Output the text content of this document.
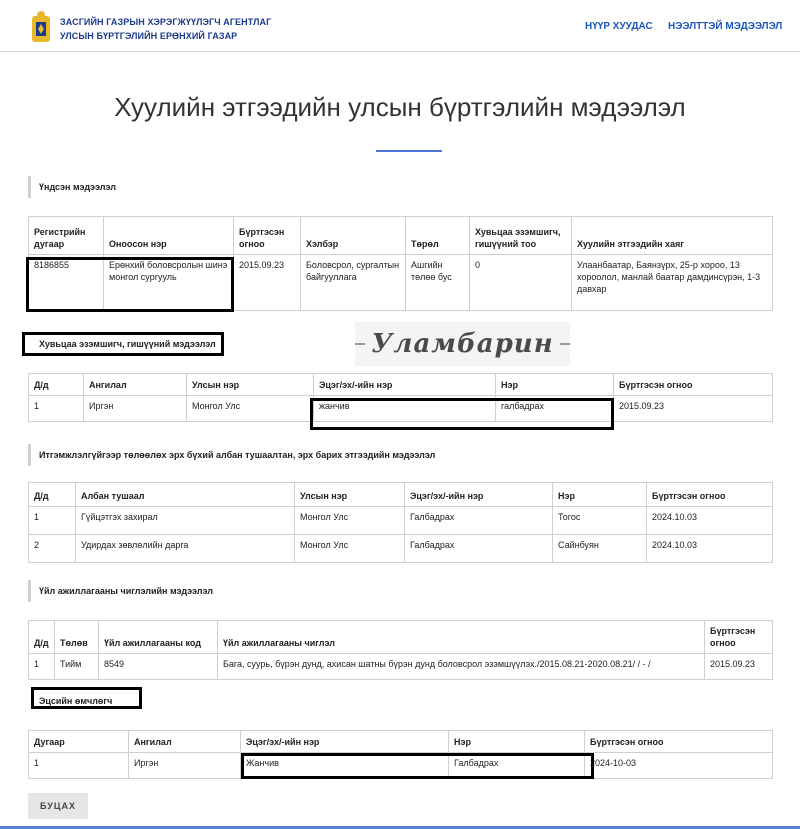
ЗАСГИЙН ГАЗРЫН ХЭРЭГЖҮҮЛЭГЧ АГЕНТЛАГ
УЛСЫН БҮРТГЭЛИЙН ЕРӨНХИЙ ГАЗАР
НҮҮР ХУУДАС НЭЭЛТТЭЙ МЭДЭЭЛЭЛ
Хуулийн этгээдийн улсын бүртгэлийн мэдээлэл
Үндсэн мэдээлэл
Регистрийн дугаар	Оноосон нэр	Бүртгэсэн огноо	Хэлбэр	Төрөл	Хувьцаа эзэмшигч, гишүүний тоо	Хуулийн этгээдийн хаяг
8186855	Ерөнхий боловсролын шинэ монгол сургууль	2015.09.23	Боловсрол, сургалтын байгууллага	Ашгийн төлөө бус	0	Улаанбаатар, Баянзүрх, 25-р хороо, 13 хороолол, манлай баатар дамдинсүрэн, 1-3 давхар
Хувьцаа эзэмшигч, гишүүний мэдээлэл	Уламбарин
Д/д	Ангилал	Улсын нэр	Эцэг/эх/-ийн нэр	Нэр	Бүртгэсэн огноо
1	Иргэн	Монгол Улс	жанчив	галбадрах	2015.09.23
Итгэмжлэлгүйгээр төлөөлөх эрх бүхий албан тушаалтан, эрх барих этгээдийн мэдээлэл
Д/д	Албан тушаал	Улсын нэр	Эцэг/эх/-ийн нэр	Нэр	Бүртгэсэн огноо
1	Гүйцэтгэх захирал	Монгол Улс	Галбадрах	Тогос	2024.10.03
2	Удирдах зөвлөлийн дарга	Монгол Улс	Галбадрах	Сайнбуян	2024.10.03
Үйл ажиллагааны чиглэлийн мэдээлэл
Д/д	Төлөв	Үйл ажиллагааны код	Үйл ажиллагааны чиглэл	Бүртгэсэн огноо
1	Тийм	8549	Бага, суурь, бүрэн дунд, ахисан шатны бүрэн дунд боловсрол эзэмшүүлэх./2015.08.21-2020.08.21/ / - /	2015.09.23
Эцсийн өмчлөгч
Дугаар	Ангилал	Эцэг/эх/-ийн нэр	Нэр	Бүртгэсэн огноо
1	Иргэн	Жанчив	Галбадрах	2024-10-03
БУЦАХ
